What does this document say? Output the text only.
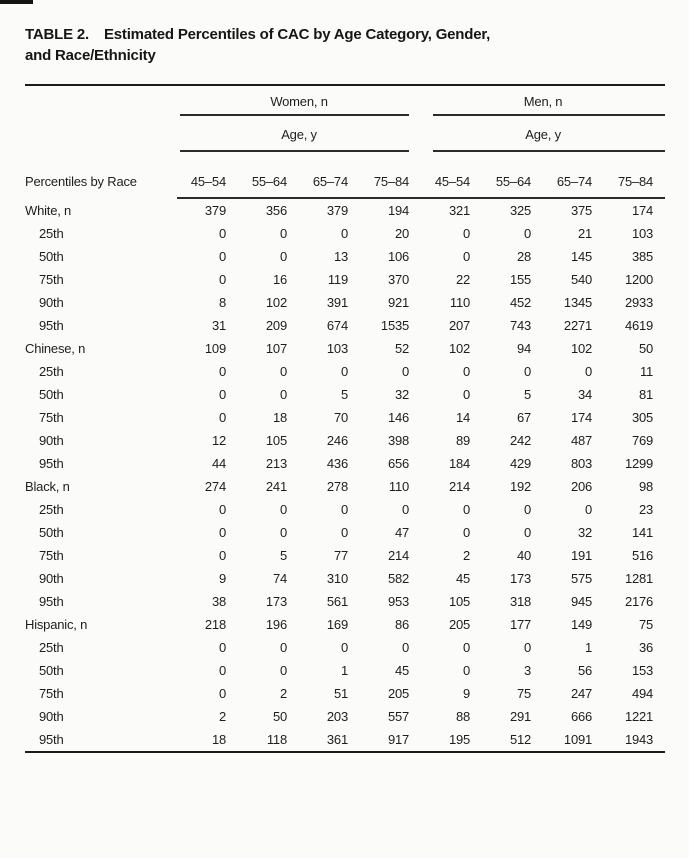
TABLE 2. Estimated Percentiles of CAC by Age Category, Gender,
and Race/Ethnicity
Percentiles by Race	Women, n				Men, n			

	Age, y				Age, y			

	45–54	55–64	65–74	75–84	45–54	55–64	65–74	75–84
White, n	379	356	379	194	321	325	375	174
25th	0	0	0	20	0	0	21	103
50th	0	0	13	106	0	28	145	385
75th	0	16	119	370	22	155	540	1200
90th	8	102	391	921	110	452	1345	2933
95th	31	209	674	1535	207	743	2271	4619
Chinese, n	109	107	103	52	102	94	102	50
25th	0	0	0	0	0	0	0	11
50th	0	0	5	32	0	5	34	81
75th	0	18	70	146	14	67	174	305
90th	12	105	246	398	89	242	487	769
95th	44	213	436	656	184	429	803	1299
Black, n	274	241	278	110	214	192	206	98
25th	0	0	0	0	0	0	0	23
50th	0	0	0	47	0	0	32	141
75th	0	5	77	214	2	40	191	516
90th	9	74	310	582	45	173	575	1281
95th	38	173	561	953	105	318	945	2176
Hispanic, n	218	196	169	86	205	177	149	75
25th	0	0	0	0	0	0	1	36
50th	0	0	1	45	0	3	56	153
75th	0	2	51	205	9	75	247	494
90th	2	50	203	557	88	291	666	1221
95th	18	118	361	917	195	512	1091	1943
